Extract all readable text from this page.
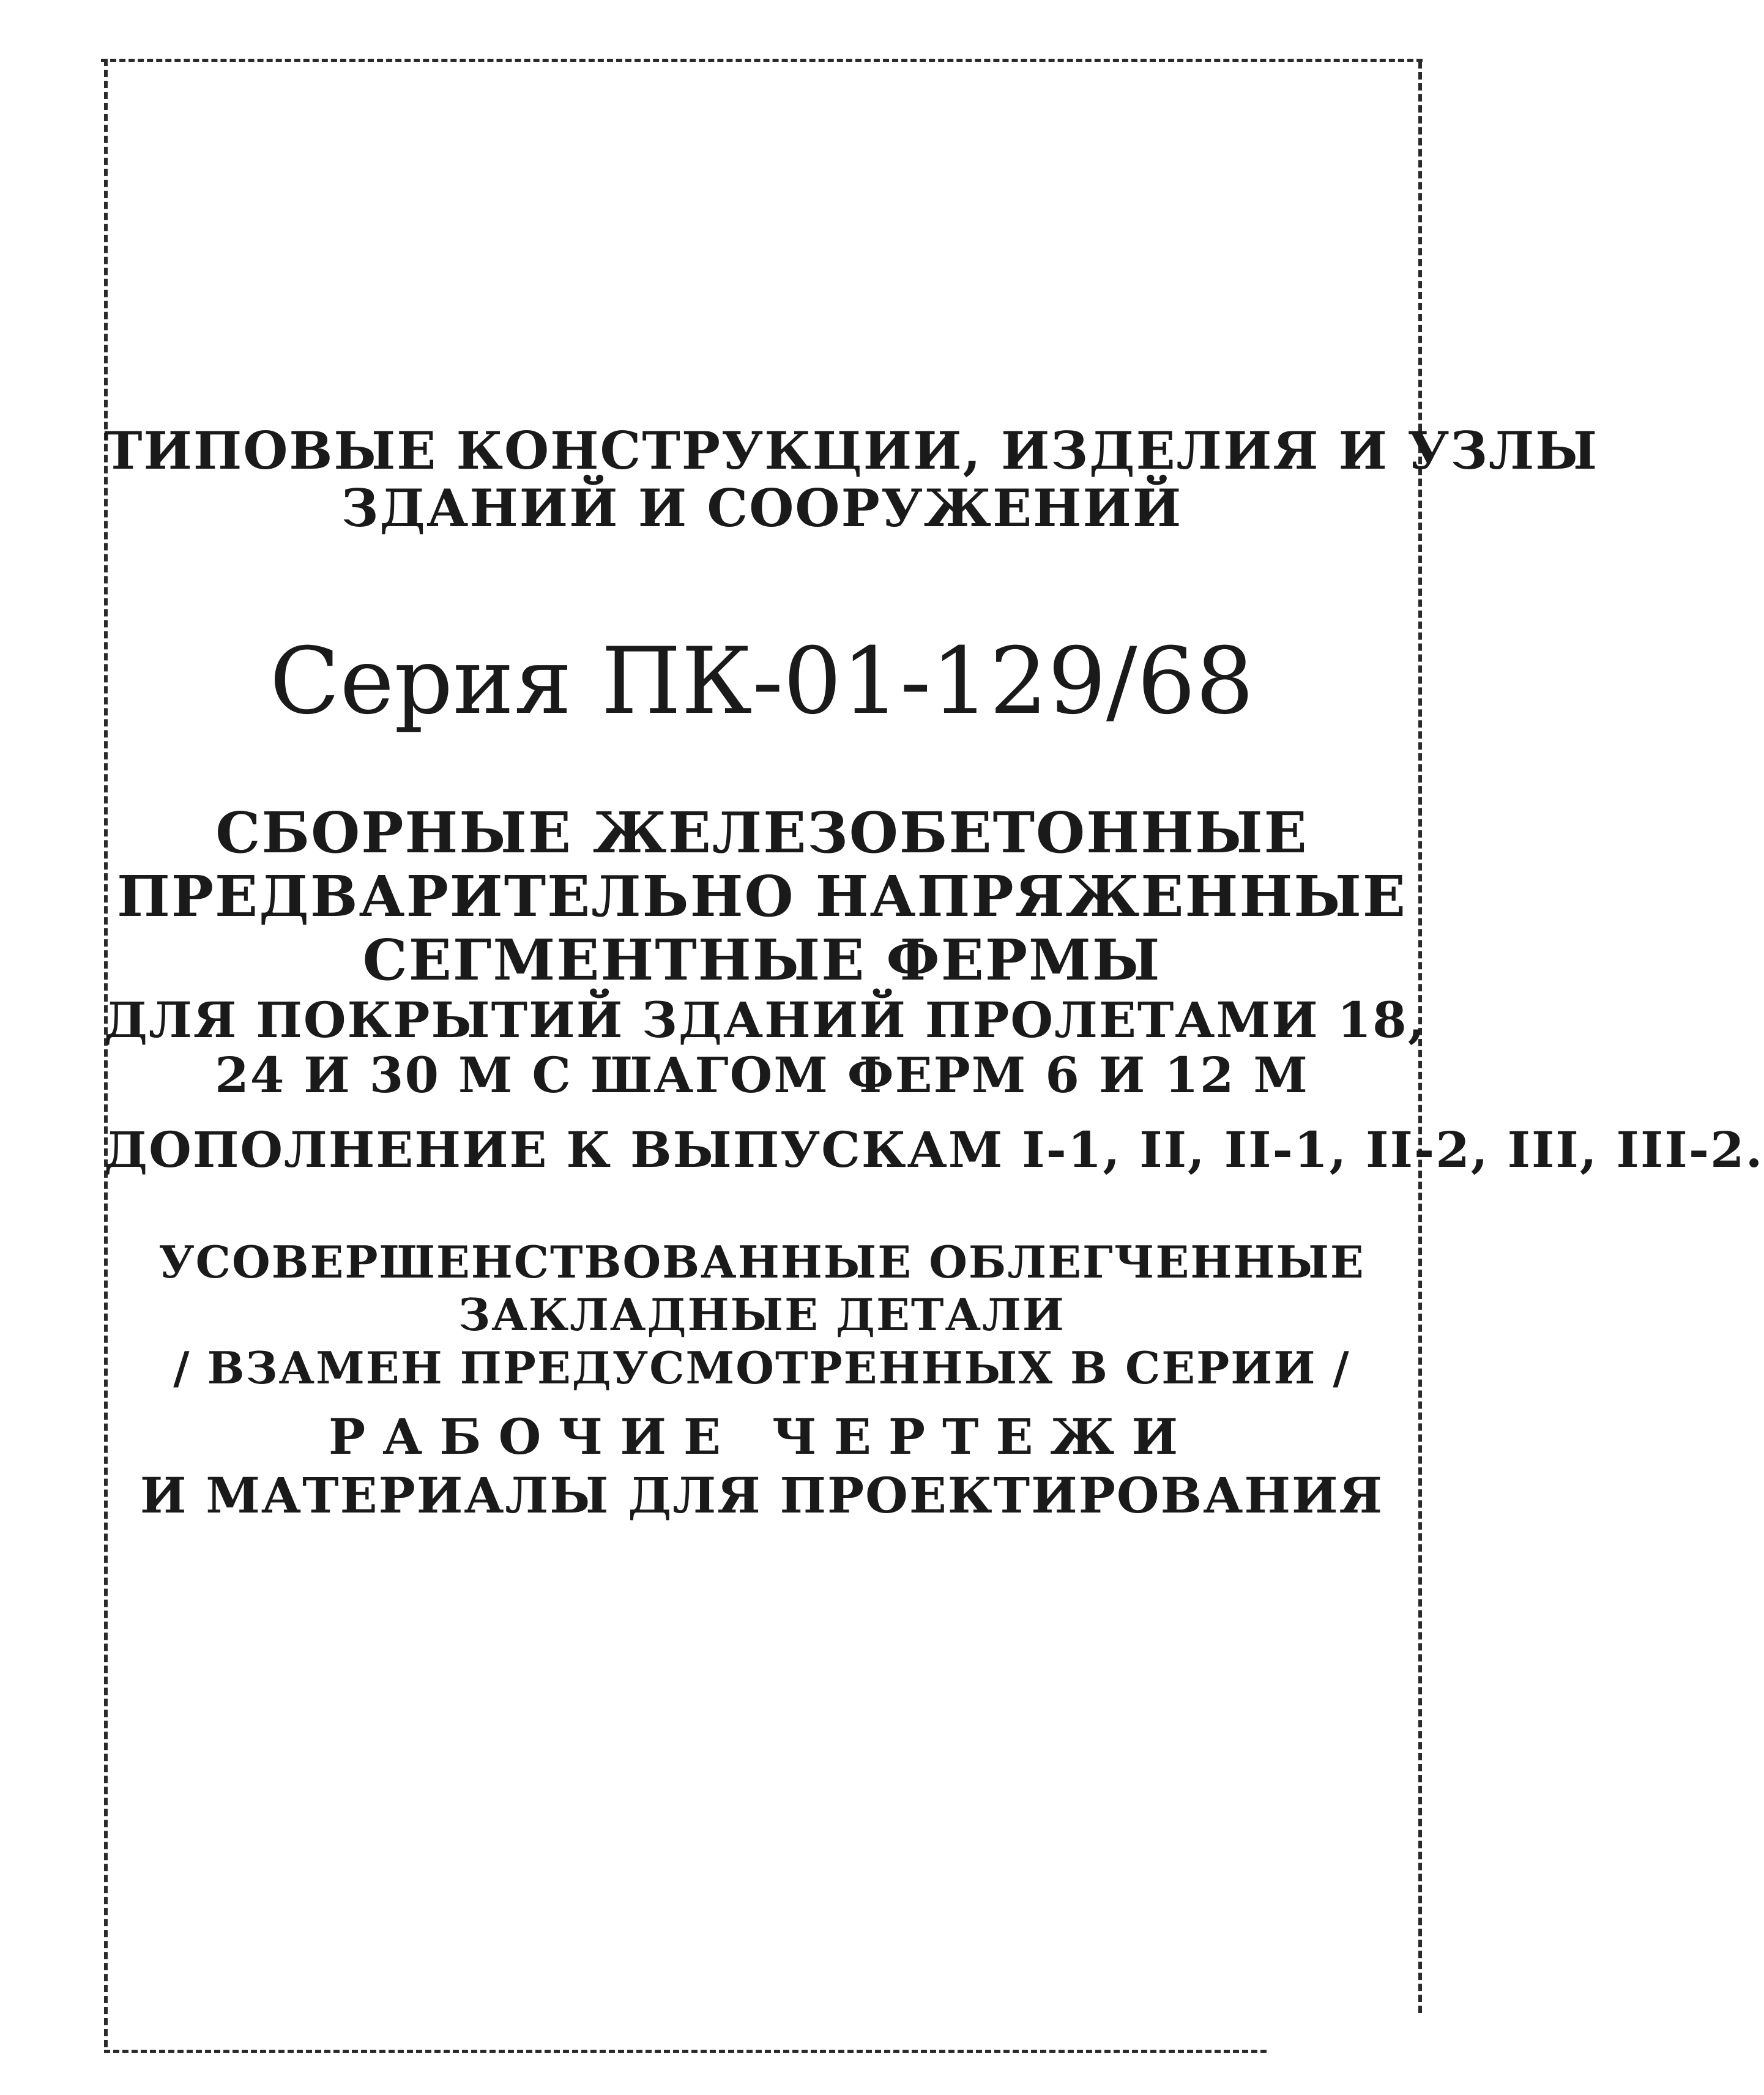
ТИПОВЫЕ КОНСТРУКЦИИ, ИЗДЕЛИЯ И УЗЛЫ
ЗДАНИЙ И СООРУЖЕНИЙ
Серия ПК-01-129/68
СБОРНЫЕ ЖЕЛЕЗОБЕТОННЫЕ
ПРЕДВАРИТЕЛЬНО НАПРЯЖЕННЫЕ
СЕГМЕНТНЫЕ ФЕРМЫ
ДЛЯ ПОКРЫТИЙ ЗДАНИЙ ПРОЛЕТАМИ 18,
24 И 30 М С ШАГОМ ФЕРМ 6 И 12 М
ДОПОЛНЕНИЕ К ВЫПУСКАМ I-1, II, II-1, II-2, III, III-2.
УСОВЕРШЕНСТВОВАННЫЕ ОБЛЕГЧЕННЫЕ
ЗАКЛАДНЫЕ ДЕТАЛИ
/ ВЗАМЕН ПРЕДУСМОТРЕННЫХ В СЕРИИ /
РАБОЧИЕ ЧЕРТЕЖИ
И МАТЕРИАЛЫ ДЛЯ ПРОЕКТИРОВАНИЯ
